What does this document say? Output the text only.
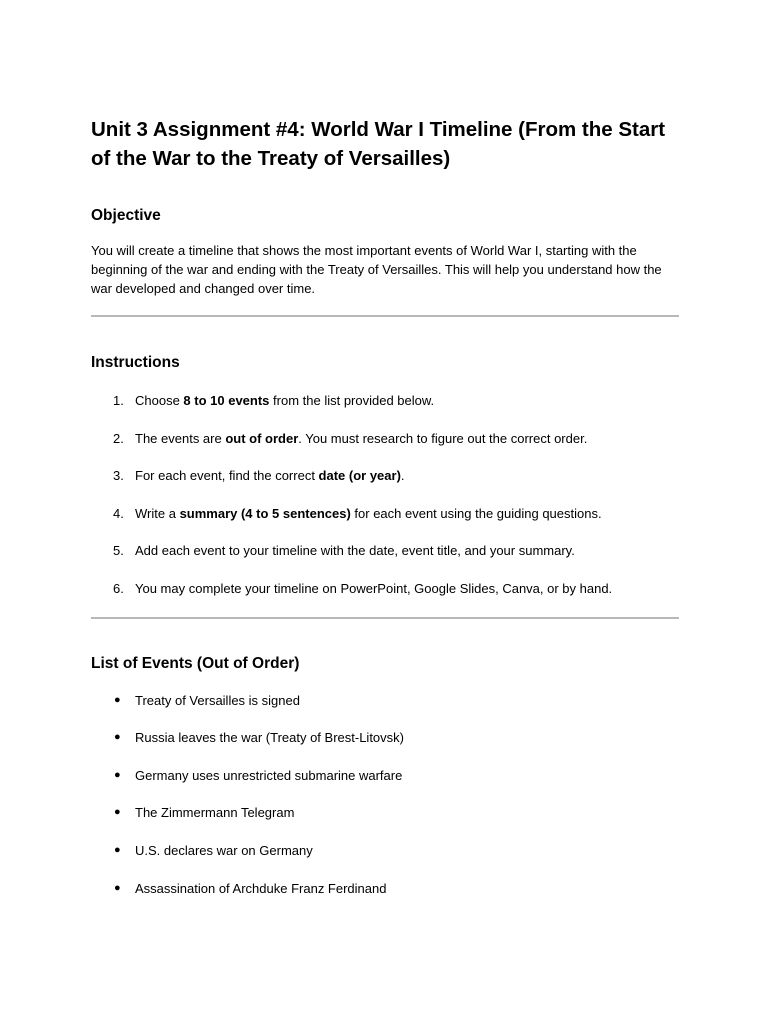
Unit 3 Assignment #4: World War I Timeline (From the Start of the War to the Treaty of Versailles)
Objective

You will create a timeline that shows the most important events of World War I, starting with the beginning of the war and ending with the Treaty of Versailles. This will help you understand how the war developed and changed over time.

Instructions
1. Choose 8 to 10 events from the list provided below.
2. The events are out of order. You must research to figure out the correct order.
3. For each event, find the correct date (or year).
4. Write a summary (4 to 5 sentences) for each event using the guiding questions.
5. Add each event to your timeline with the date, event title, and your summary.
6. You may complete your timeline on PowerPoint, Google Slides, Canva, or by hand.
List of Events (Out of Order)
● Treaty of Versailles is signed
● Russia leaves the war (Treaty of Brest-Litovsk)
● Germany uses unrestricted submarine warfare
● The Zimmermann Telegram
● U.S. declares war on Germany
● Assassination of Archduke Franz Ferdinand
